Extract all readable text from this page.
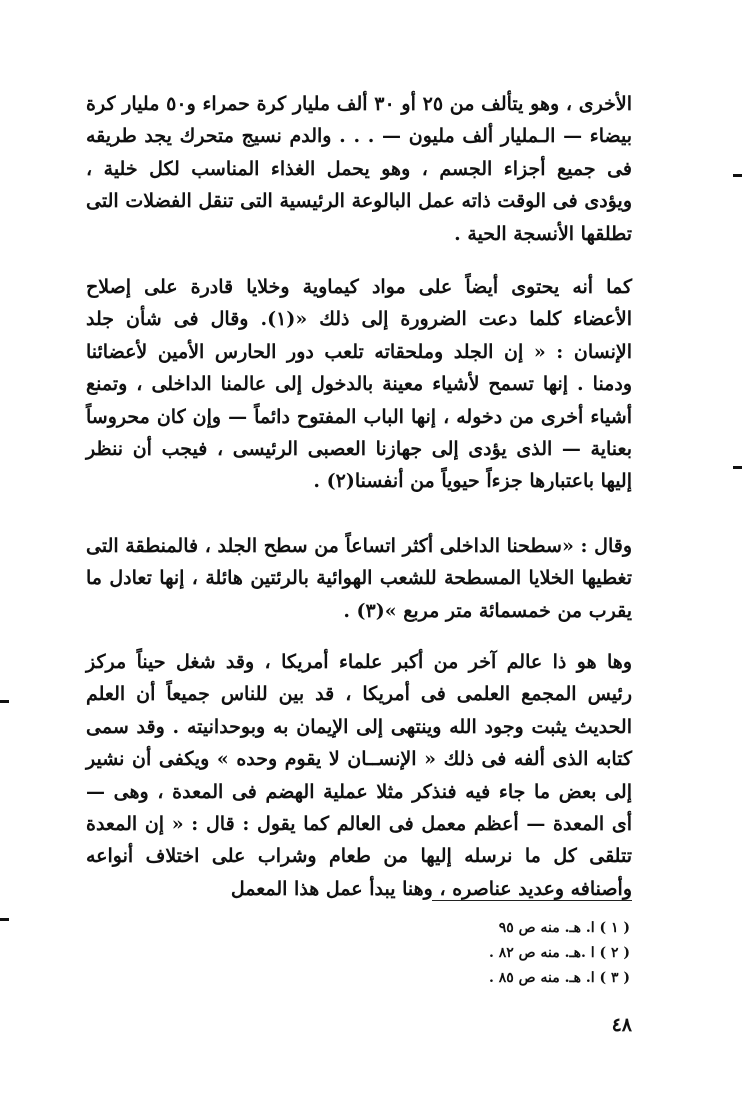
الأخرى ، وهو يتألف من ٢٥ أو ٣٠ ألف مليار كرة حمراء و٥٠ مليار كرة بيضاء — الـمليار ألف مليون — . . . والدم نسيج متحرك يجد طريقه فى جميع أجزاء الجسم ، وهو يحمل الغذاء المناسب لكل خلية ، ويؤدى فى الوقت ذاته عمل البالوعة الرئيسية التى تنقل الفضلات التى تطلقها الأنسجة الحية .

كما أنه يحتوى أيضاً على مواد كيماوية وخلايا قادرة على إصلاح الأعضاء كلما دعت الضرورة إلى ذلك «(١). وقال فى شأن جلد الإنسان : « إن الجلد وملحقاته تلعب دور الحارس الأمين لأعضائنا ودمنا . إنها تسمح لأشياء معينة بالدخول إلى عالمنا الداخلى ، وتمنع أشياء أخرى من دخوله ، إنها الباب المفتوح دائماً — وإن كان محروساً بعناية — الذى يؤدى إلى جهازنا العصبى الرئيسى ، فيجب أن ننظر إليها باعتبارها جزءاً حيوياً من أنفسنا(٢) .

وقال : «سطحنا الداخلى أكثر اتساعاً من سطح الجلد ، فالمنطقة التى تغطيها الخلايا المسطحة للشعب الهوائية بالرئتين هائلة ، إنها تعادل ما يقرب من خمسمائة متر مربع »(٣) .

وها هو ذا عالم آخر من أكبر علماء أمريكا ، وقد شغل حيناً مركز رئيس المجمع العلمى فى أمريكا ، قد بين للناس جميعاً أن العلم الحديث يثبت وجود الله وينتهى إلى الإيمان به وبوحدانيته . وقد سمى كتابه الذى ألفه فى ذلك « الإنســان لا يقوم وحده » ويكفى أن نشير إلى بعض ما جاء فيه فنذكر مثلا عملية الهضم فى المعدة ، وهى — أى المعدة — أعظم معمل فى العالم كما يقول : قال : « إن المعدة تتلقى كل ما نرسله إليها من طعام وشراب على اختلاف أنواعه وأصنافه وعديد عناصره ، وهنا يبدأ عمل هذا المعمل

( ١ ) ا. هـ. منه ص ٩٥
( ٢ ) ا .هـ. منه ص ٨٢ .
( ٣ ) ا. هـ. منه ص ٨٥ .
٤٨
